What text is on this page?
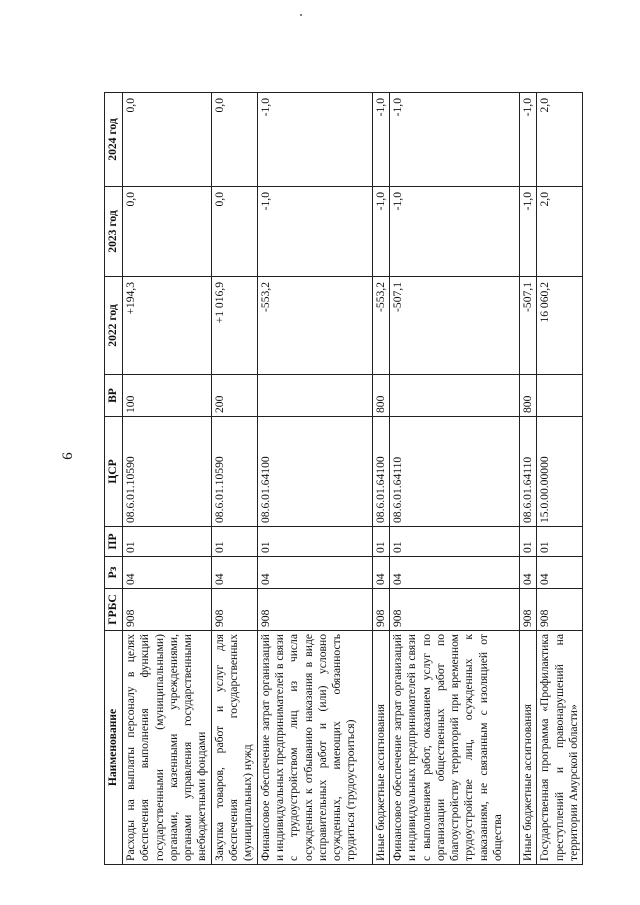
9
Наименование	ГРБС	Рз	ПР	ЦСР	ВР	2022 год	2023 год	2024 год
Расходы на выплаты персоналу в целях обеспечения выполнения функций государственными (муниципальными) органами, казенными учреждениями, органами управления государственными внебюджетными фондами	908	04	01	08.6.01.10590	100	+194,3	0,0	0,0
Закупка товаров, работ и услуг для обеспечения государственных (муниципальных) нужд	908	04	01	08.6.01.10590	200	+1 016,9	0,0	0,0
Финансовое обеспечение затрат организаций и индивидуальных предпринимателей в связи с трудоустройством лиц из числа осужденных к отбыванию наказания в виде исправительных работ и (или) условно осужденных, имеющих обязанность трудиться (трудоустроиться)	908	04	01	08.6.01.64100		-553,2	-1,0	-1,0
Иные бюджетные ассигнования	908	04	01	08.6.01.64100	800	-553,2	-1,0	-1,0
Финансовое обеспечение затрат организаций и индивидуальных предпринимателей в связи с выполнением работ, оказанием услуг по организации общественных работ по благоустройству территорий при временном трудоустройстве лиц, осужденных к наказаниям, не связанным с изоляцией от общества	908	04	01	08.6.01.64110		-507,1	-1,0	-1,0
Иные бюджетные ассигнования	908	04	01	08.6.01.64110	800	-507,1	-1,0	-1,0
Государственная программа «Профилактика преступлений и правонарушений на территории Амурской области»	908	04	01	15.0.00.00000		16 060,2	2,0	2,0
